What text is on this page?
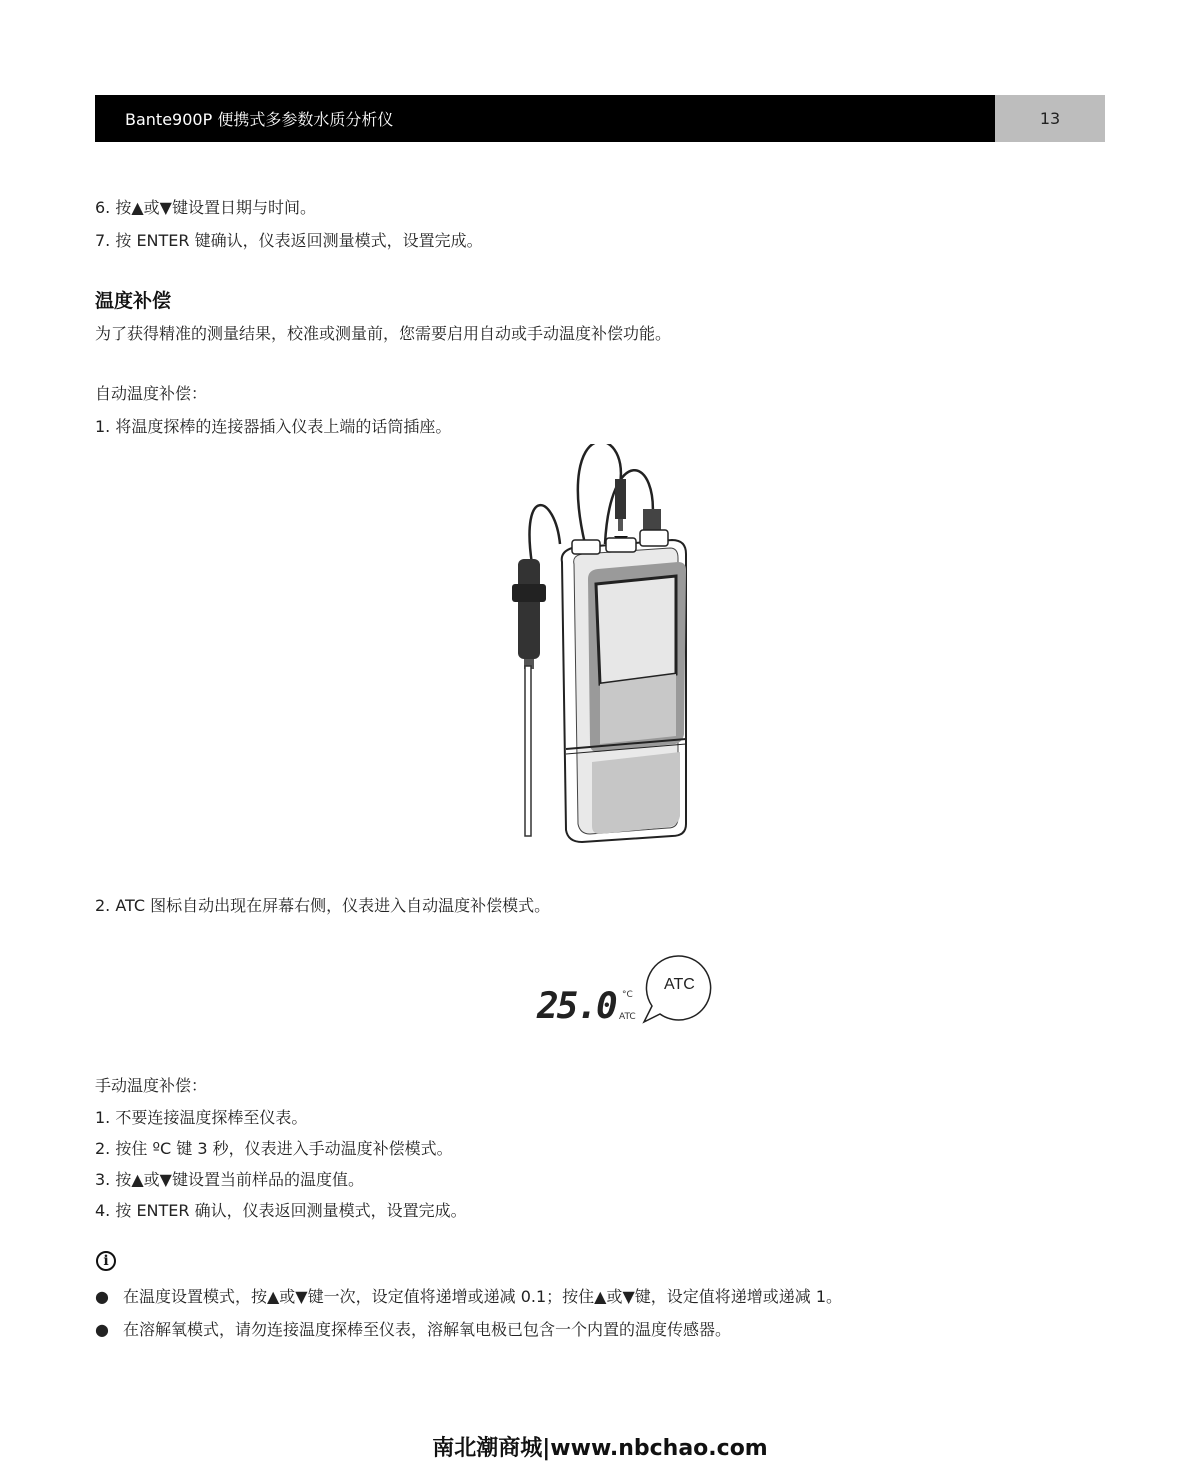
Bante900P 便携式多参数水质分析仪	13
6. 按▲或▼键设置日期与时间。
7. 按 ENTER 键确认，仪表返回测量模式，设置完成。
温度补偿
为了获得精准的测量结果，校准或测量前，您需要启用自动或手动温度补偿功能。
自动温度补偿：
1. 将温度探棒的连接器插入仪表上端的话筒插座。
2. ATC 图标自动出现在屏幕右侧，仪表进入自动温度补偿模式。
25.0 °C
ATC
ATC
手动温度补偿：
1. 不要连接温度探棒至仪表。
2. 按住 ºC 键 3 秒，仪表进入手动温度补偿模式。
3. 按▲或▼键设置当前样品的温度值。
4. 按 ENTER 确认，仪表返回测量模式，设置完成。
i
● 在温度设置模式，按▲或▼键一次，设定值将递增或递减 0.1；按住▲或▼键，设定值将递增或递减 1。
● 在溶解氧模式，请勿连接温度探棒至仪表，溶解氧电极已包含一个内置的温度传感器。
南北潮商城|www.nbchao.com
